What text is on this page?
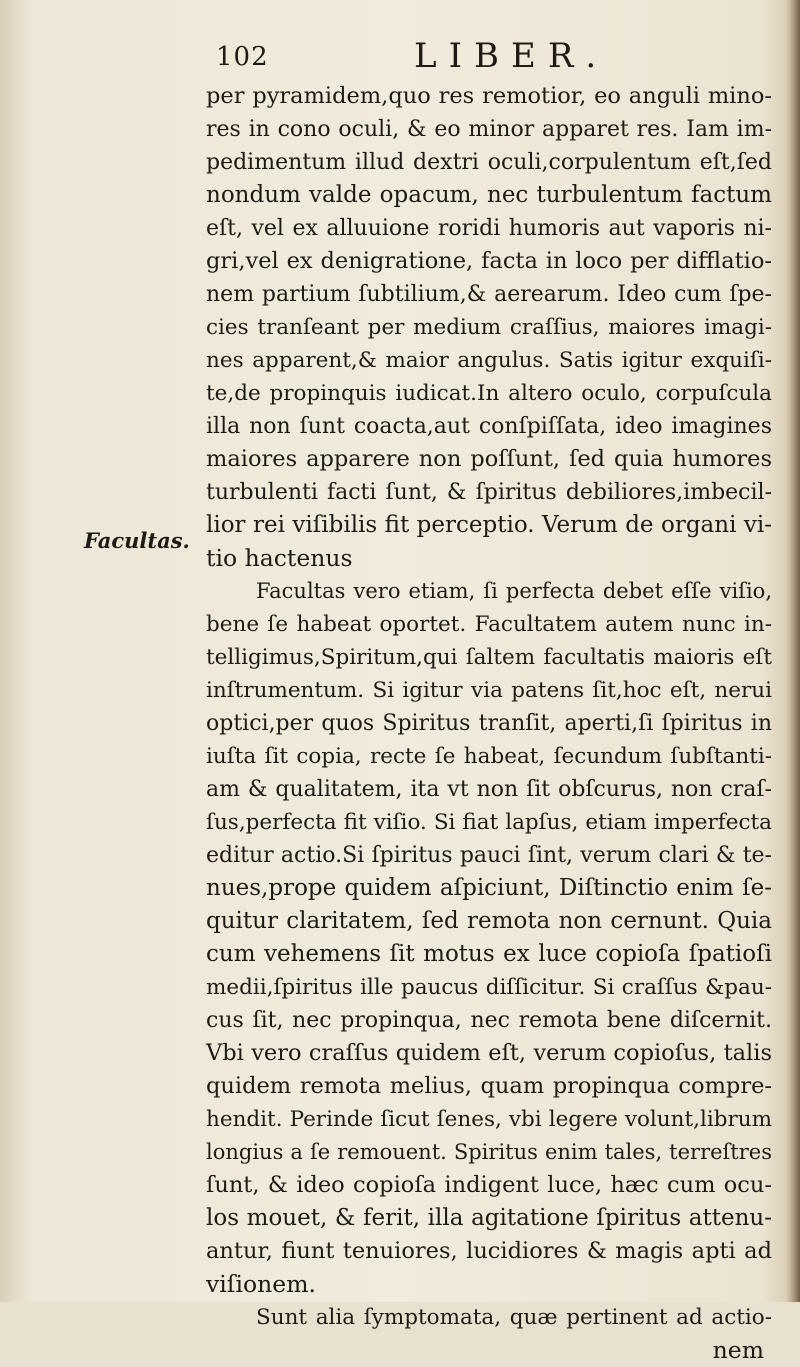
102	LIBER.
Facultas.
per pyramidem,quo res remotior, eo anguli mino-
res in cono oculi, & eo minor apparet res. Iam im-
pedimentum illud dextri oculi,corpulentum eſt,ſed
nondum valde opacum, nec turbulentum factum
eſt, vel ex alluuione roridi humoris aut vaporis ni-
gri,vel ex denigratione, facta in loco per difflatio-
nem partium ſubtilium,& aerearum. Ideo cum ſpe-
cies tranſeant per medium craſſius, maiores imagi-
nes apparent,& maior angulus. Satis igitur exquiſi-
te,de propinquis iudicat.In altero oculo, corpuſcula
illa non ſunt coacta,aut conſpiſſata, ideo imagines
maiores apparere non poſſunt, ſed quia humores
turbulenti facti ſunt, & ſpiritus debiliores,imbecil-
lior rei viſibilis fit perceptio. Verum de organi vi-
tio hactenus
Facultas vero etiam, ſi perfecta debet eſſe viſio,
bene ſe habeat oportet. Facultatem autem nunc in-
telligimus,Spiritum,qui ſaltem facultatis maioris eſt
inſtrumentum. Si igitur via patens ſit,hoc eſt, nerui
optici,per quos Spiritus tranſit, aperti,ſi ſpiritus in
iuſta ſit copia, recte ſe habeat, ſecundum ſubſtanti-
am & qualitatem, ita vt non ſit obſcurus, non craſ-
ſus,perfecta fit viſio. Si fiat lapſus, etiam imperfecta
editur actio.Si ſpiritus pauci ſint, verum clari & te-
nues,prope quidem aſpiciunt, Diſtinctio enim ſe-
quitur claritatem, ſed remota non cernunt. Quia
cum vehemens ſit motus ex luce copioſa ſpatioſi
medii,ſpiritus ille paucus diſſicitur. Si craſſus &pau-
cus ſit, nec propinqua, nec remota bene diſcernit.
Vbi vero craſſus quidem eſt, verum copioſus, talis
quidem remota melius, quam propinqua compre-
hendit. Perinde ſicut ſenes, vbi legere volunt,librum
longius a ſe remouent. Spiritus enim tales, terreſtres
ſunt, & ideo copioſa indigent luce, hæc cum ocu-
los mouet, & ferit, illa agitatione ſpiritus attenu-
antur, fiunt tenuiores, lucidiores & magis apti ad
viſionem.
Sunt alia ſymptomata, quæ pertinent ad actio-
nem
